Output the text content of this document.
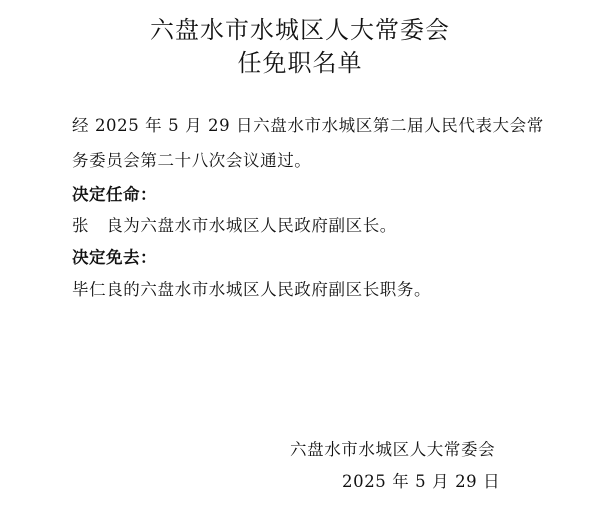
六盘水市水城区人大常委会
任免职名单

经 2025 年 5 月 29 日六盘水市水城区第二届人民代表大会常

务委员会第二十八次会议通过。

决定任命：

张　良为六盘水市水城区人民政府副区长。

决定免去：

毕仁良的六盘水市水城区人民政府副区长职务。

六盘水市水城区人大常委会

2025 年 5 月 29 日
